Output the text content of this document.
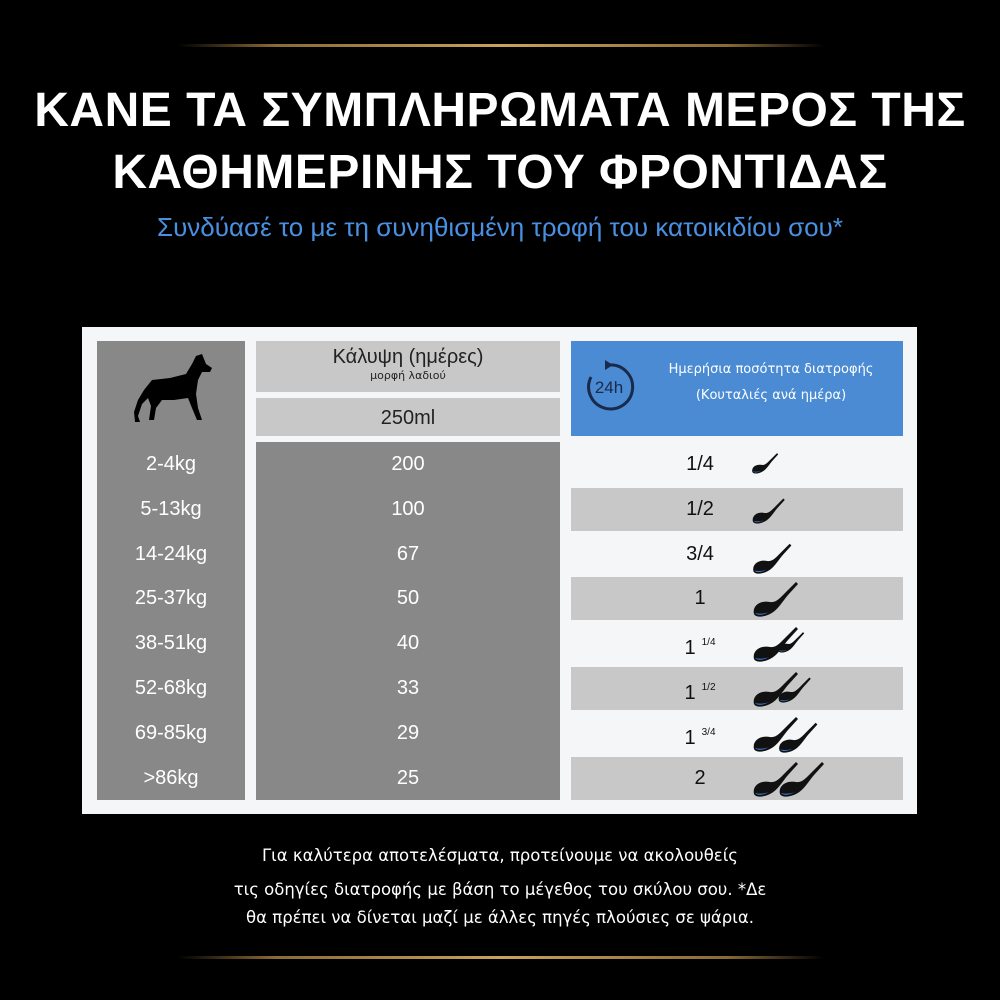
ΚΑΝΕ ΤΑ ΣΥΜΠΛΗΡΩΜΑΤΑ ΜΕΡΟΣ ΤΗΣ
ΚΑΘΗΜΕΡΙΝΗΣ ΤΟΥ ΦΡΟΝΤΙΔΑΣ
Συνδύασέ το με τη συνηθισμένη τροφή του κατοικιδίου σου*
Κάλυψη (ημέρες)
μορφή λαδιού
250ml
24h
Ημερήσια ποσότητα διατροφής
(Κουταλιές ανά ημέρα)
2-4kg	200	1/4
5-13kg	100	1/2
14-24kg	67	3/4
25-37kg	50	1
38-51kg	40	1 $^{1/4}$
52-68kg	33	1 $^{1/2}$
69-85kg	29	1 $^{3/4}$
>86kg	25	2
Για καλύτερα αποτελέσματα, προτείνουμε να ακολουθείς
τις οδηγίες διατροφής με βάση το μέγεθος του σκύλου σου. *Δε
θα πρέπει να δίνεται μαζί με άλλες πηγές πλούσιες σε ψάρια.
